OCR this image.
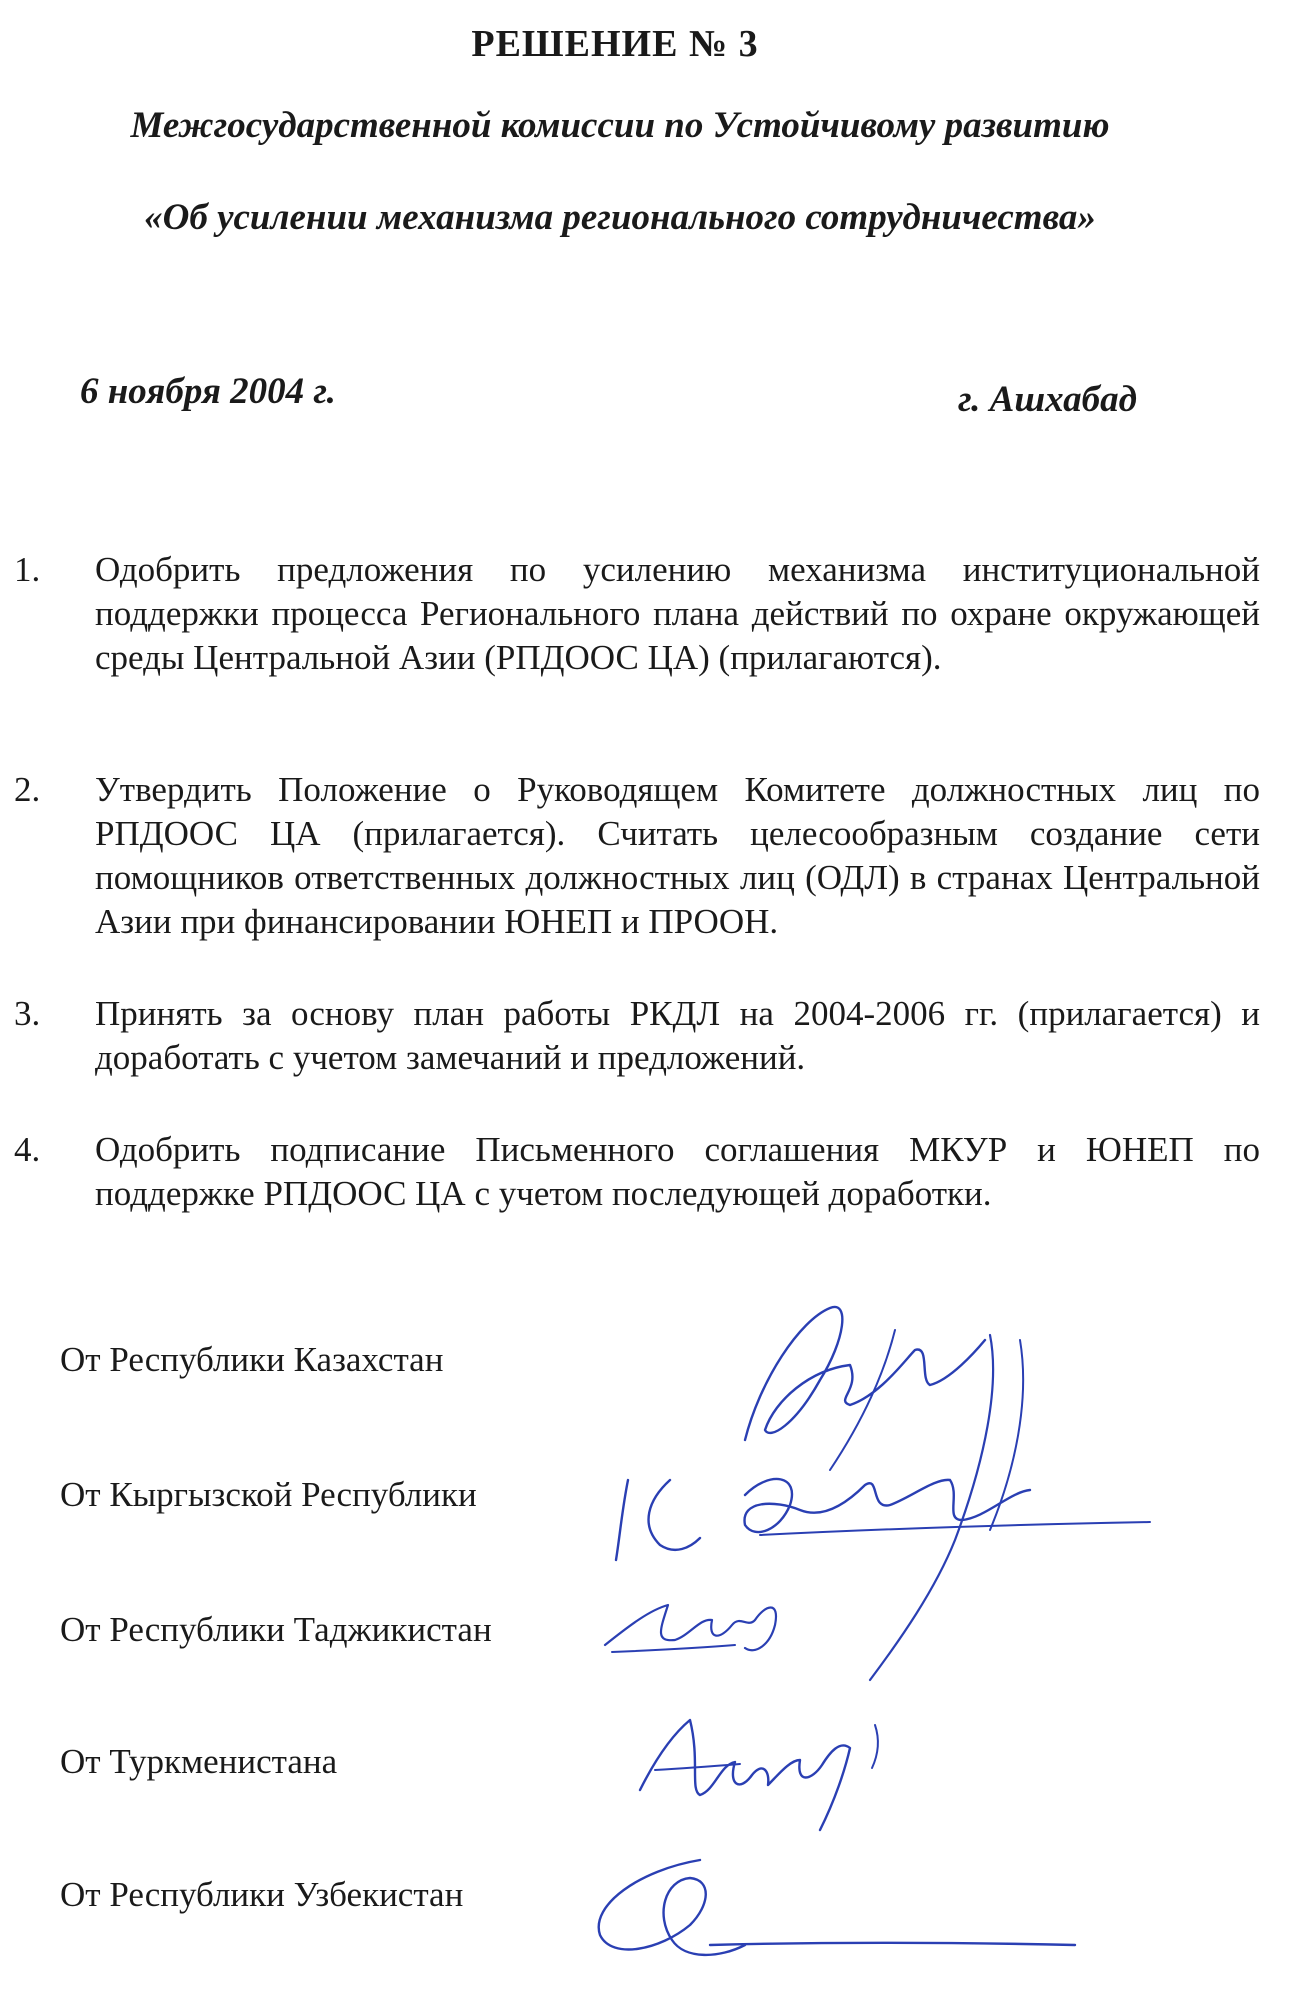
РЕШЕНИЕ № 3
Межгосударственной комиссии по Устойчивому развитию
«Об усилении механизма регионального сотрудничества»
6 ноября 2004 г.	г. Ашхабад
1. Одобрить предложения по усилению механизма институциональной поддержки процесса Регионального плана действий по охране окружающей среды Центральной Азии (РПДООС ЦА) (прилагаются).
2. Утвердить Положение о Руководящем Комитете должностных лиц по РПДООС ЦА (прилагается). Считать целесообразным создание сети помощников ответственных должностных лиц (ОДЛ) в странах Центральной Азии при финансировании ЮНЕП и ПРООН.
3. Принять за основу план работы РКДЛ на 2004-2006 гг. (прилагается) и доработать с учетом замечаний и предложений.
4. Одобрить подписание Письменного соглашения МКУР и ЮНЕП по поддержке РПДООС ЦА с учетом последующей доработки.
От Республики Казахстан
От Кыргызской Республики
От Республики Таджикистан
От Туркменистана
От Республики Узбекистан
